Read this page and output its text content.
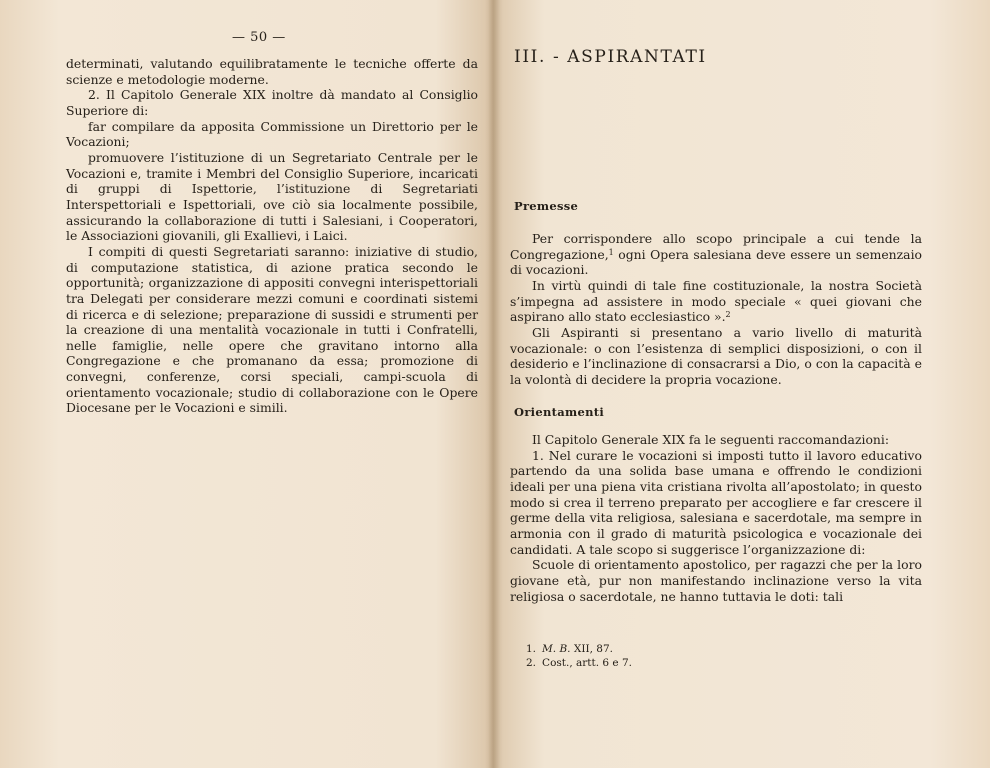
— 50 —

determinati, valutando equilibratamente le tecniche offerte da scienze e metodologie moderne.

2. Il Capitolo Generale XIX inoltre dà mandato al Consiglio Superiore di:

far compilare da apposita Commissione un Direttorio per le Vocazioni;

promuovere l’istituzione di un Segretariato Centrale per le Vocazioni e, tramite i Membri del Consiglio Superiore, incaricati di gruppi di Ispettorie, l’istituzione di Segretariati Interspettoriali e Ispettoriali, ove ciò sia localmente possibile, assicurando la collaborazione di tutti i Salesiani, i Cooperatori, le Associazioni giovanili, gli Exallievi, i Laici.

I compiti di questi Segretariati saranno: iniziative di studio, di computazione statistica, di azione pratica secondo le opportunità; organizzazione di appositi convegni interispettoriali tra Delegati per considerare mezzi comuni e coordinati sistemi di ricerca e di selezione; preparazione di sussidi e strumenti per la creazione di una mentalità vocazionale in tutti i Confratelli, nelle famiglie, nelle opere che gravitano intorno alla Congregazione e che promanano da essa; promozione di convegni, conferenze, corsi speciali, campi-scuola di orientamento vocazionale; studio di collaborazione con le Opere Diocesane per le Vocazioni e simili.

III. - ASPIRANTATI
Premesse

Per corrispondere allo scopo principale a cui tende la Congregazione,$^1$ ogni Opera salesiana deve essere un semenzaio di vocazioni.

In virtù quindi di tale fine costituzionale, la nostra Società s’impegna ad assistere in modo speciale « quei giovani che aspirano allo stato ecclesiastico ».$^2$

Gli Aspiranti si presentano a vario livello di maturità vocazionale: o con l’esistenza di semplici disposizioni, o con il desiderio e l’inclinazione di consacrarsi a Dio, o con la capacità e la volontà di decidere la propria vocazione.

Orientamenti

Il Capitolo Generale XIX fa le seguenti raccomandazioni:

1. Nel curare le vocazioni si imposti tutto il lavoro educativo partendo da una solida base umana e offrendo le condizioni ideali per una piena vita cristiana rivolta all’apostolato; in questo modo si crea il terreno preparato per accogliere e far crescere il germe della vita religiosa, salesiana e sacerdotale, ma sempre in armonia con il grado di maturità psicologica e vocazionale dei candidati. A tale scopo si suggerisce l’organizzazione di:

Scuole di orientamento apostolico, per ragazzi che per la loro giovane età, pur non manifestando inclinazione verso la vita religiosa o sacerdotale, ne hanno tuttavia le doti: tali

1. M. B. XII, 87.
2. Cost., artt. 6 e 7.
